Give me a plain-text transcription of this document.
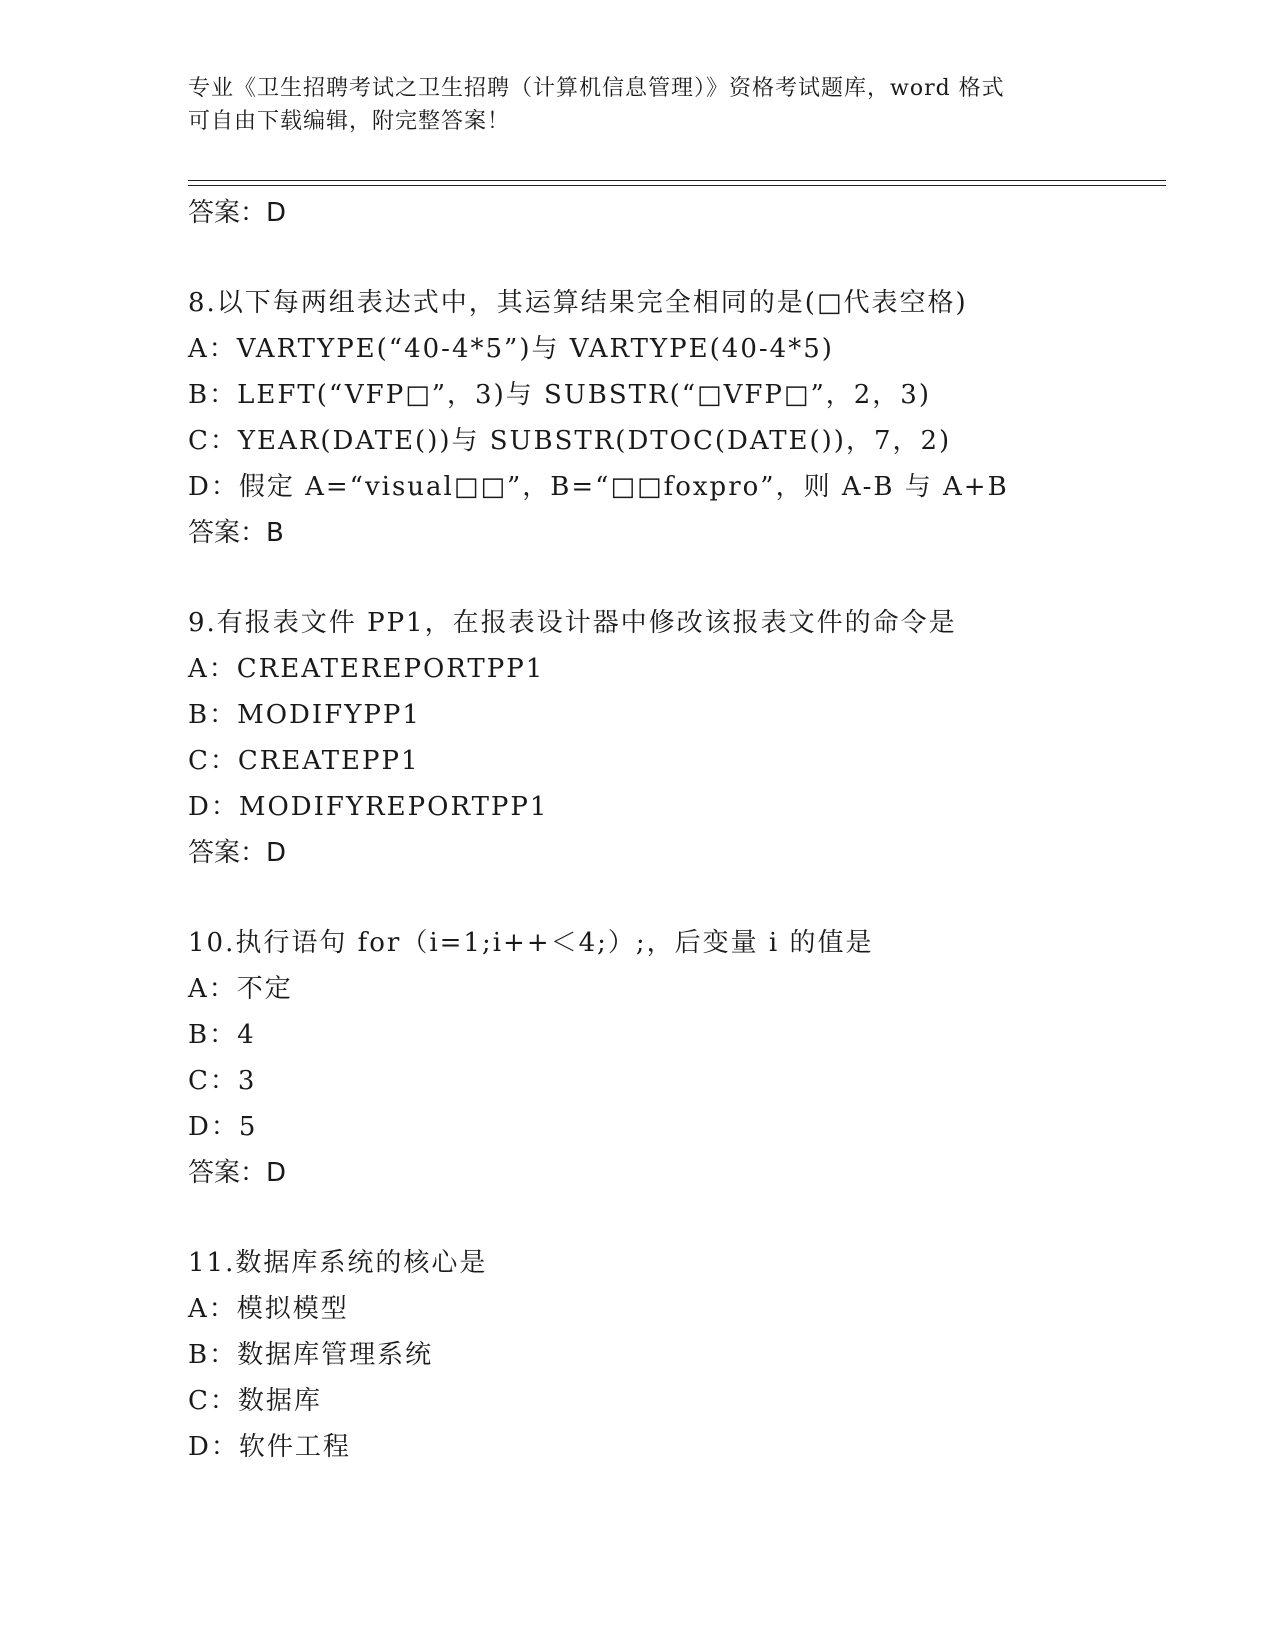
专业《卫生招聘考试之卫生招聘（计算机信息管理）》资格考试题库，word 格式
可自由下载编辑，附完整答案！
答案：D
8.以下每两组表达式中，其运算结果完全相同的是(□代表空格)
A：VARTYPE(“40-4*5”)与 VARTYPE(40-4*5)
B：LEFT(“VFP□”，3)与 SUBSTR(“□VFP□”，2，3)
C：YEAR(DATE())与 SUBSTR(DTOC(DATE())，7，2)
D：假定 A=“visual□□”，B=“□□foxpro”，则 A-B 与 A+B
答案：B
9.有报表文件 PP1，在报表设计器中修改该报表文件的命令是
A：CREATEREPORTPP1
B：MODIFYPP1
C：CREATEPP1
D：MODIFYREPORTPP1
答案：D
10.执行语句 for（i=1;i++＜4;）;，后变量 i 的值是
A：不定
B：4
C：3
D：5
答案：D
11.数据库系统的核心是
A：模拟模型
B：数据库管理系统
C：数据库
D：软件工程
